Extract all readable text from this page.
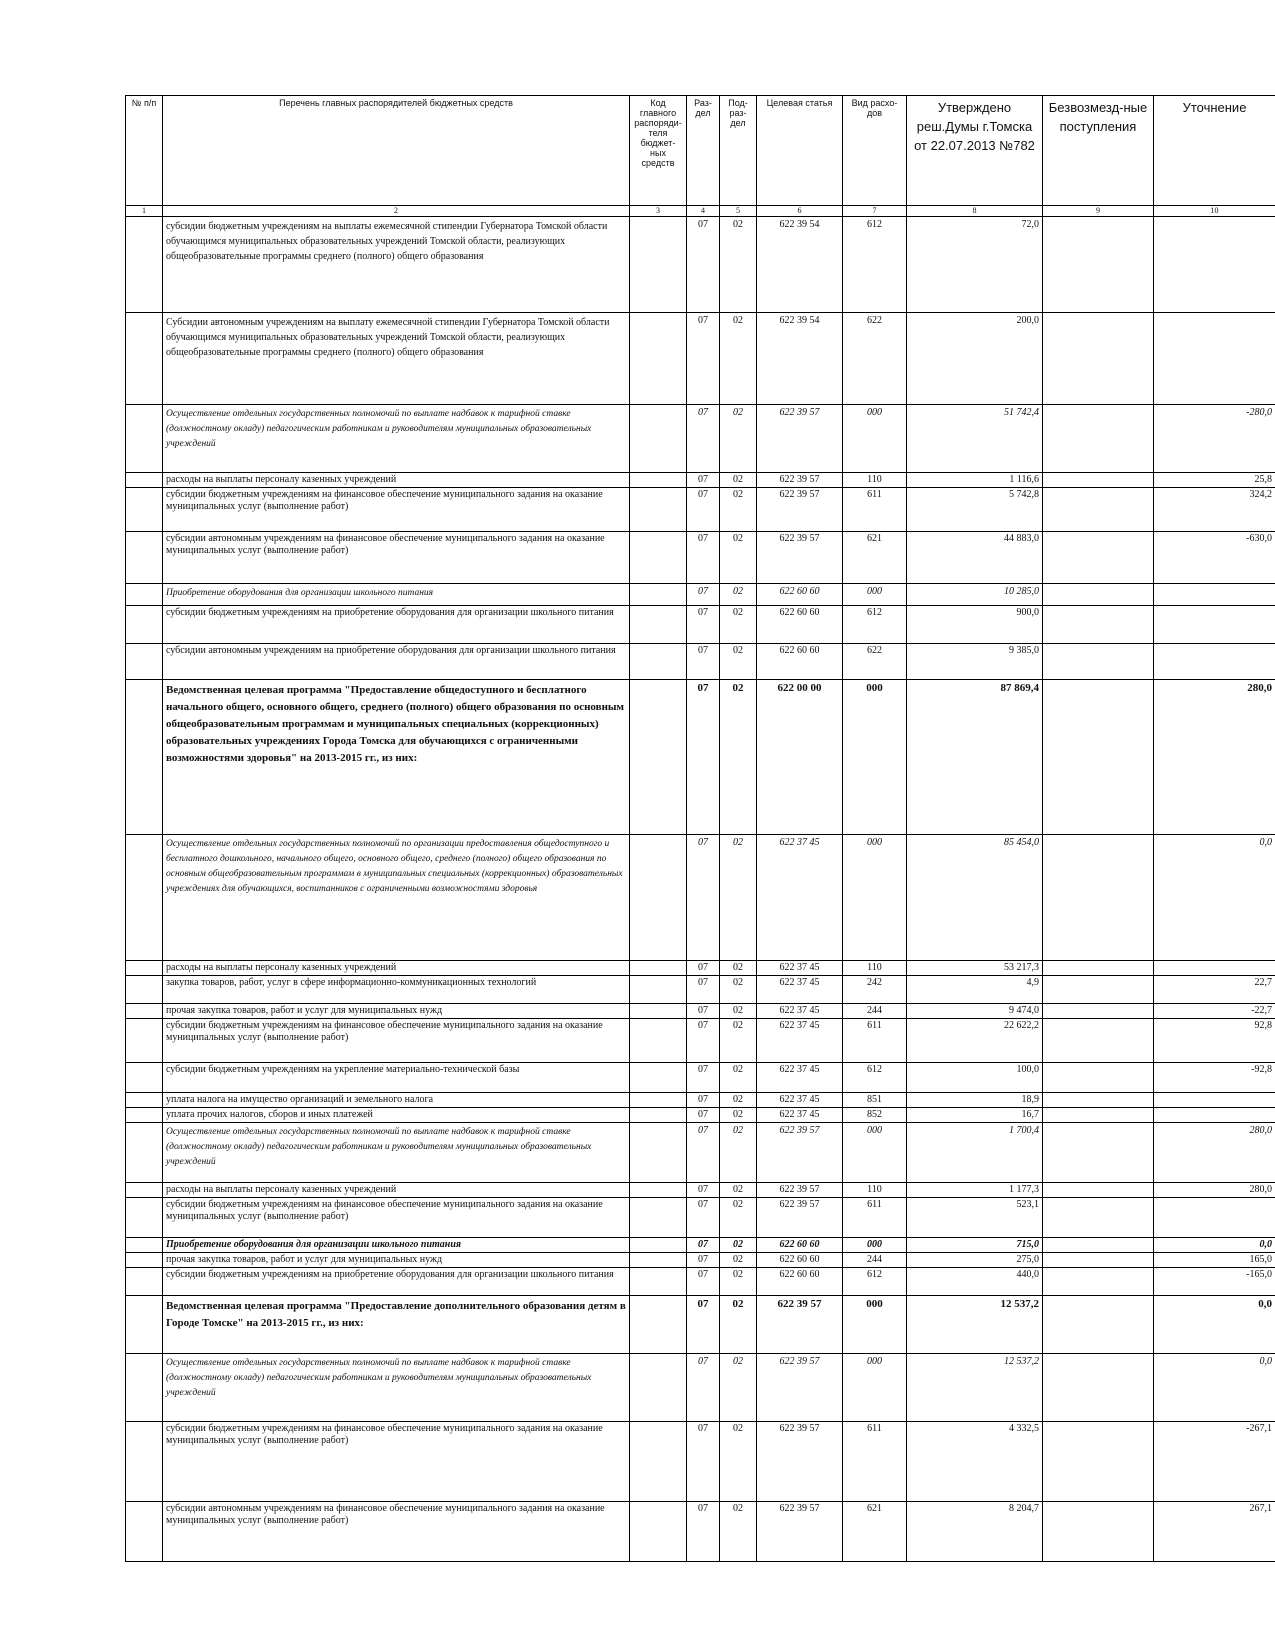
№ п/п	Перечень главных распорядителей бюджетных средств	Код главного распоряди-теля бюджет-ных средств	Раз-дел	Под-раз-дел	Целевая статья	Вид расхо-дов	Утверждено реш.Думы г.Томска от 22.07.2013 №782	Безвозмезд-ные поступления	Уточнение
1	2	3	4	5	6	7	8	9	10
	субсидии бюджетным учреждениям на выплаты ежемесячной стипендии Губернатора Томской области обучающимся муниципальных образовательных учреждений Томской области, реализующих общеобразовательные программы среднего (полного) общего образования		07	02	622 39 54	612	72,0		
	Субсидии автономным учреждениям на выплату ежемесячной стипендии Губернатора Томской области обучающимся муниципальных образовательных учреждений Томской области, реализующих общеобразовательные программы среднего (полного) общего образования		07	02	622 39 54	622	200,0		
	Осуществление отдельных государственных полномочий по выплате надбавок к тарифной ставке (должностному окладу) педагогическим работникам и руководителям муниципальных образовательных учреждений		07	02	622 39 57	000	51 742,4		-280,0
	расходы на выплаты персоналу казенных учреждений		07	02	622 39 57	110	1 116,6		25,8
	субсидии бюджетным учреждениям на финансовое обеспечение муниципального задания на оказание муниципальных услуг (выполнение работ)		07	02	622 39 57	611	5 742,8		324,2
	субсидии автономным учреждениям на финансовое обеспечение муниципального задания на оказание муниципальных услуг (выполнение работ)		07	02	622 39 57	621	44 883,0		-630,0
	Приобретение оборудования для организации школьного питания		07	02	622 60 60	000	10 285,0		
	субсидии бюджетным учреждениям на приобретение оборудования для организации школьного питания		07	02	622 60 60	612	900,0		
	субсидии автономным учреждениям на приобретение оборудования для организации школьного питания		07	02	622 60 60	622	9 385,0		
	Ведомственная целевая программа "Предоставление общедоступного и бесплатного начального общего, основного общего, среднего (полного) общего образования по основным общеобразовательным программам и муниципальных специальных (коррекционных) образовательных учреждениях Города Томска для обучающихся с ограниченными возможностями здоровья" на 2013-2015 гг., из них:		07	02	622 00 00	000	87 869,4		280,0
	Осуществление отдельных государственных полномочий по организации предоставления общедоступного и бесплатного дошкольного, начального общего, основного общего, среднего (полного) общего образования по основным общеобразовательным программам в муниципальных специальных (коррекционных) образовательных учреждениях для обучающихся, воспитанников с ограниченными возможностями здоровья		07	02	622 37 45	000	85 454,0		0,0
	расходы на выплаты персоналу казенных учреждений		07	02	622 37 45	110	53 217,3		
	закупка товаров, работ, услуг в сфере информационно-коммуникационных технологий		07	02	622 37 45	242	4,9		22,7
	прочая закупка товаров, работ и услуг для муниципальных нужд		07	02	622 37 45	244	9 474,0		-22,7
	субсидии бюджетным учреждениям на финансовое обеспечение муниципального задания на оказание муниципальных услуг (выполнение работ)		07	02	622 37 45	611	22 622,2		92,8
	субсидии бюджетным учреждениям на укрепление материально-технической базы		07	02	622 37 45	612	100,0		-92,8
	уплата налога на имущество организаций и земельного налога		07	02	622 37 45	851	18,9		
	уплата прочих налогов, сборов и иных платежей		07	02	622 37 45	852	16,7		
	Осуществление отдельных государственных полномочий по выплате надбавок к тарифной ставке (должностному окладу) педагогическим работникам и руководителям муниципальных образовательных учреждений		07	02	622 39 57	000	1 700,4		280,0
	расходы на выплаты персоналу казенных учреждений		07	02	622 39 57	110	1 177,3		280,0
	субсидии бюджетным учреждениям на финансовое обеспечение муниципального задания на оказание муниципальных услуг (выполнение работ)		07	02	622 39 57	611	523,1		
	Приобретение оборудования для организации школьного питания		07	02	622 60 60	000	715,0		0,0
	прочая закупка товаров, работ и услуг для муниципальных нужд		07	02	622 60 60	244	275,0		165,0
	субсидии бюджетным учреждениям на приобретение оборудования для организации школьного питания		07	02	622 60 60	612	440,0		-165,0
	Ведомственная целевая программа "Предоставление дополнительного образования детям в Городе Томске" на 2013-2015 гг., из них:		07	02	622 39 57	000	12 537,2		0,0
	Осуществление отдельных государственных полномочий по выплате надбавок к тарифной ставке (должностному окладу) педагогическим работникам и руководителям муниципальных образовательных учреждений		07	02	622 39 57	000	12 537,2		0,0
	субсидии бюджетным учреждениям на финансовое обеспечение муниципального задания на оказание муниципальных услуг (выполнение работ)		07	02	622 39 57	611	4 332,5		-267,1
	субсидии автономным учреждениям на финансовое обеспечение муниципального задания на оказание муниципальных услуг (выполнение работ)		07	02	622 39 57	621	8 204,7		267,1
